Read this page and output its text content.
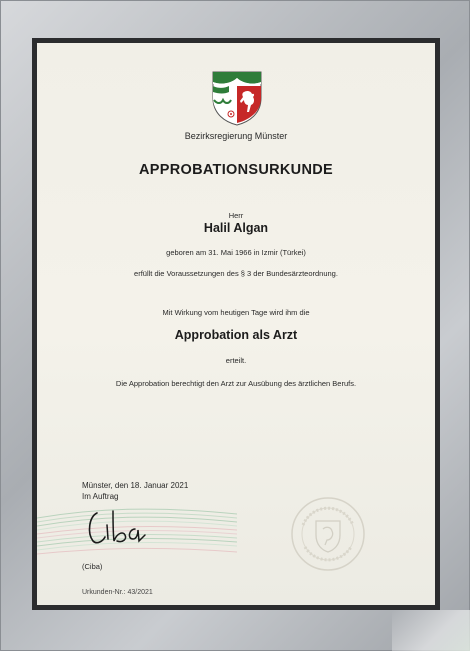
Bezirksregierung Münster
APPROBATIONSURKUNDE
Herr
Halil Algan
geboren am 31. Mai 1966 in Izmir (Türkei)
erfüllt die Voraussetzungen des § 3 der Bundesärzteordnung.
Mit Wirkung vom heutigen Tage wird ihm die
Approbation als Arzt
erteilt.
Die Approbation berechtigt den Arzt zur Ausübung des ärztlichen Berufs.
Münster, den 18. Januar 2021
Im Auftrag
(Ciba)
Urkunden-Nr.: 43/2021
